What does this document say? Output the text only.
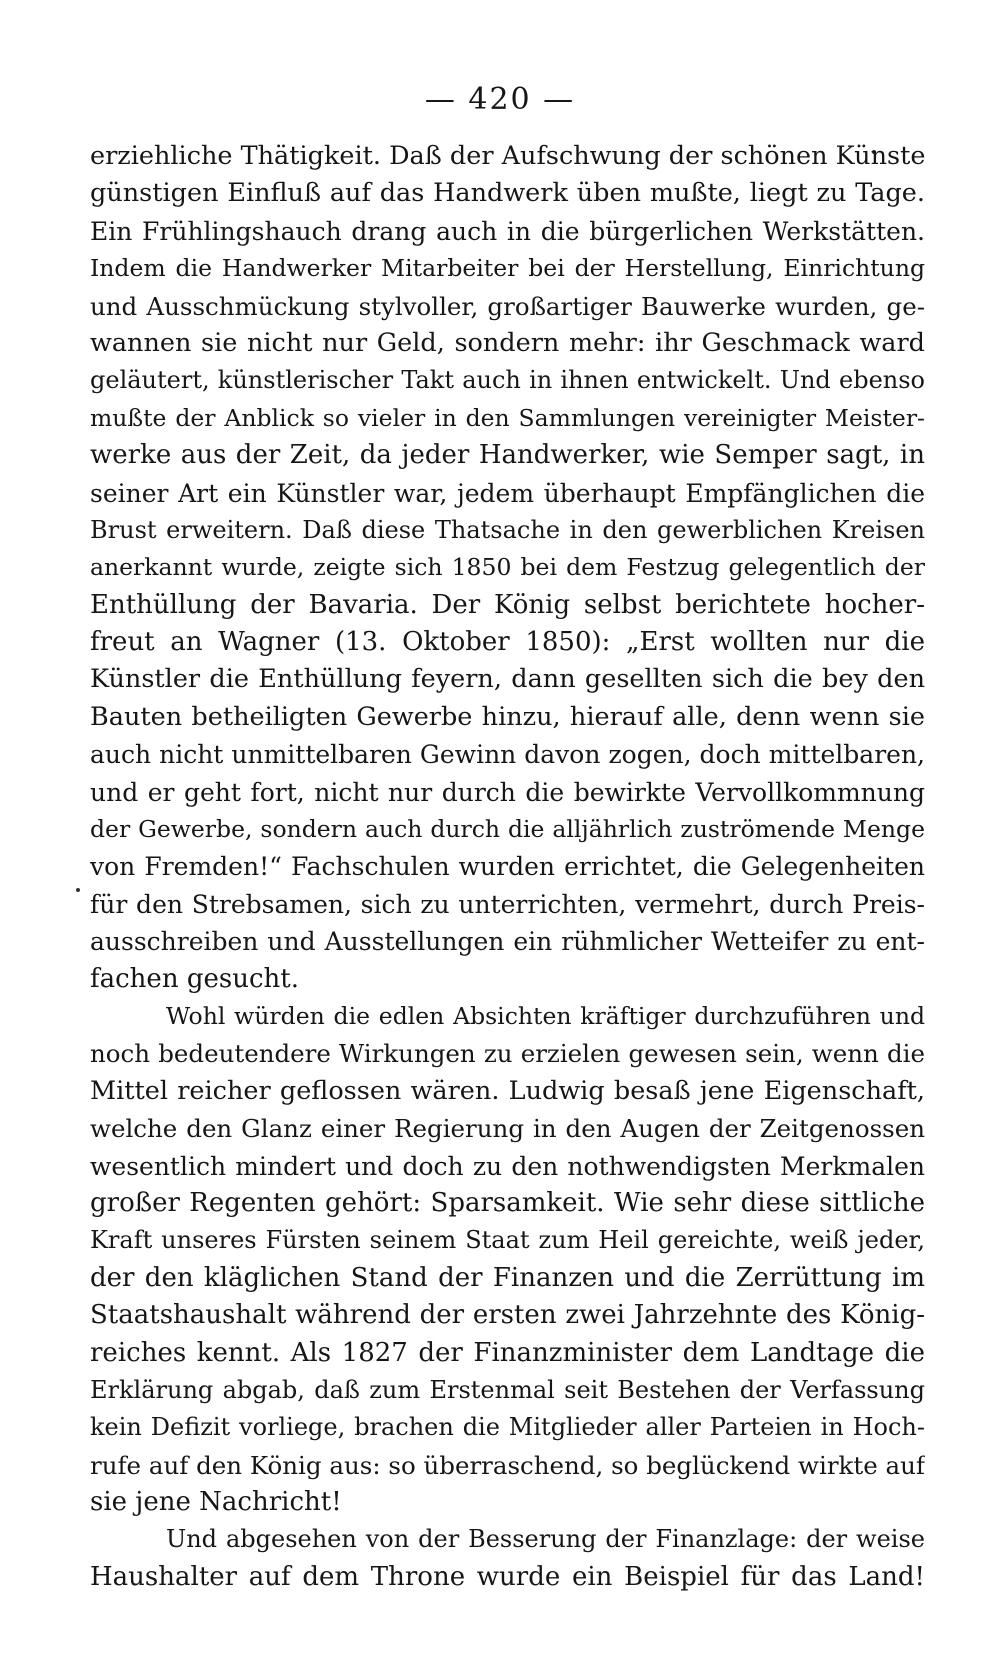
— 420 —
erziehliche Thätigkeit. Daß der Aufschwung der schönen Künste
günstigen Einfluß auf das Handwerk üben mußte, liegt zu Tage.
Ein Frühlingshauch drang auch in die bürgerlichen Werkstätten.
Indem die Handwerker Mitarbeiter bei der Herstellung, Einrichtung
und Ausschmückung stylvoller, großartiger Bauwerke wurden, ge-
wannen sie nicht nur Geld, sondern mehr: ihr Geschmack ward
geläutert, künstlerischer Takt auch in ihnen entwickelt. Und ebenso
mußte der Anblick so vieler in den Sammlungen vereinigter Meister-
werke aus der Zeit, da jeder Handwerker, wie Semper sagt, in
seiner Art ein Künstler war, jedem überhaupt Empfänglichen die
Brust erweitern. Daß diese Thatsache in den gewerblichen Kreisen
anerkannt wurde, zeigte sich 1850 bei dem Festzug gelegentlich der
Enthüllung der Bavaria. Der König selbst berichtete hocher-
freut an Wagner (13. Oktober 1850): „Erst wollten nur die
Künstler die Enthüllung feyern, dann gesellten sich die bey den
Bauten betheiligten Gewerbe hinzu, hierauf alle, denn wenn sie
auch nicht unmittelbaren Gewinn davon zogen, doch mittelbaren,
und er geht fort, nicht nur durch die bewirkte Vervollkommnung
der Gewerbe, sondern auch durch die alljährlich zuströmende Menge
von Fremden!“ Fachschulen wurden errichtet, die Gelegenheiten
für den Strebsamen, sich zu unterrichten, vermehrt, durch Preis-
ausschreiben und Ausstellungen ein rühmlicher Wetteifer zu ent-
fachen gesucht.
Wohl würden die edlen Absichten kräftiger durchzuführen und
noch bedeutendere Wirkungen zu erzielen gewesen sein, wenn die
Mittel reicher geflossen wären. Ludwig besaß jene Eigenschaft,
welche den Glanz einer Regierung in den Augen der Zeitgenossen
wesentlich mindert und doch zu den nothwendigsten Merkmalen
großer Regenten gehört: Sparsamkeit. Wie sehr diese sittliche
Kraft unseres Fürsten seinem Staat zum Heil gereichte, weiß jeder,
der den kläglichen Stand der Finanzen und die Zerrüttung im
Staatshaushalt während der ersten zwei Jahrzehnte des König-
reiches kennt. Als 1827 der Finanzminister dem Landtage die
Erklärung abgab, daß zum Erstenmal seit Bestehen der Verfassung
kein Defizit vorliege, brachen die Mitglieder aller Parteien in Hoch-
rufe auf den König aus: so überraschend, so beglückend wirkte auf
sie jene Nachricht!
Und abgesehen von der Besserung der Finanzlage: der weise
Haushalter auf dem Throne wurde ein Beispiel für das Land!
